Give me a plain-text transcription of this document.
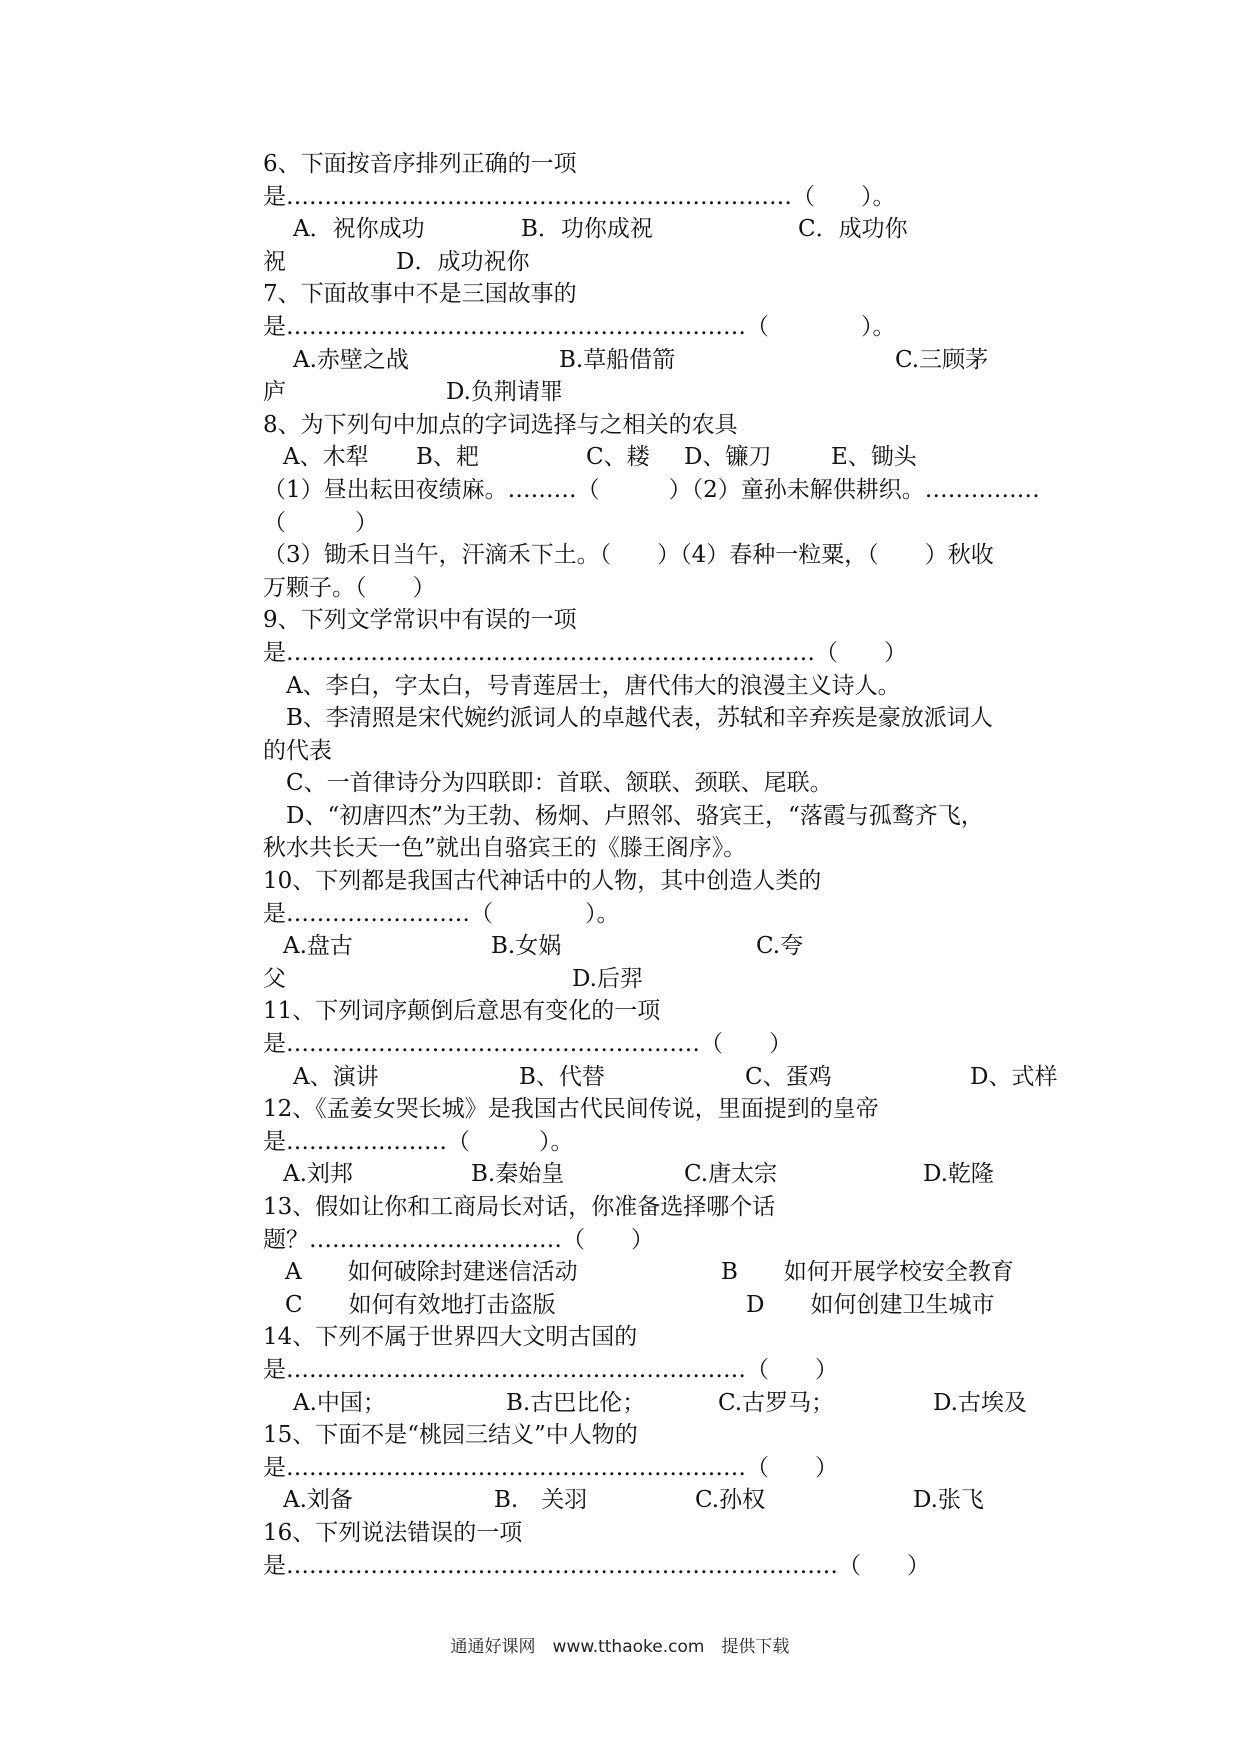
6、下面按音序排列正确的一项
是…………………………………………………………（　　）。
A．祝你成功	B．功你成祝	C．成功你
祝	D．成功祝你
7、下面故事中不是三国故事的
是……………………………………………………（　　　　）。
A.赤壁之战	B.草船借箭	C.三顾茅
庐	D.负荆请罪
8、为下列句中加点的字词选择与之相关的农具
A、木犁 B、耙	C、耧 D、镰刀	E、锄头
（1）昼出耘田夜绩麻。………（　　　）（2）童孙未解供耕织。……………
（　　　）
（3）锄禾日当午，汗滴禾下土。（　　）（4）春种一粒粟，（　　）秋收
万颗子。（　　）
9、下列文学常识中有误的一项
是……………………………………………………………（　　）
　A、李白，字太白，号青莲居士，唐代伟大的浪漫主义诗人。
　B、李清照是宋代婉约派词人的卓越代表，苏轼和辛弃疾是豪放派词人
的代表
　C、一首律诗分为四联即：首联、颔联、颈联、尾联。
　D、“初唐四杰”为王勃、杨炯、卢照邻、骆宾王，“落霞与孤鹜齐飞，
秋水共长天一色”就出自骆宾王的《滕王阁序》。
10、下列都是我国古代神话中的人物，其中创造人类的
是……………………（　　　　）。
A.盘古	B.女娲	C.夸
父	D.后羿
11、下列词序颠倒后意思有变化的一项
是………………………………………………（　　）
A、演讲	B、代替	C、蛋鸡	D、式样
12、《孟姜女哭长城》是我国古代民间传说，里面提到的皇帝
是…………………（　　　）。
A.刘邦	B.秦始皇	C.唐太宗	D.乾隆
13、假如让你和工商局长对话，你准备选择哪个话
题？……………………………（　　）
A　　如何破除封建迷信活动	B　　如何开展学校安全教育
C　　如何有效地打击盗版	D　　如何创建卫生城市
14、下列不属于世界四大文明古国的
是……………………………………………………（　　）
A.中国；	B.古巴比伦；	C.古罗马；	D.古埃及
15、下面不是“桃园三结义”中人物的
是……………………………………………………（　　）
A.刘备	B.　关羽	C.孙权	D.张飞
16、下列说法错误的一项
是………………………………………………………………（　　）
通通好课网　www.tthaoke.com　提供下载
